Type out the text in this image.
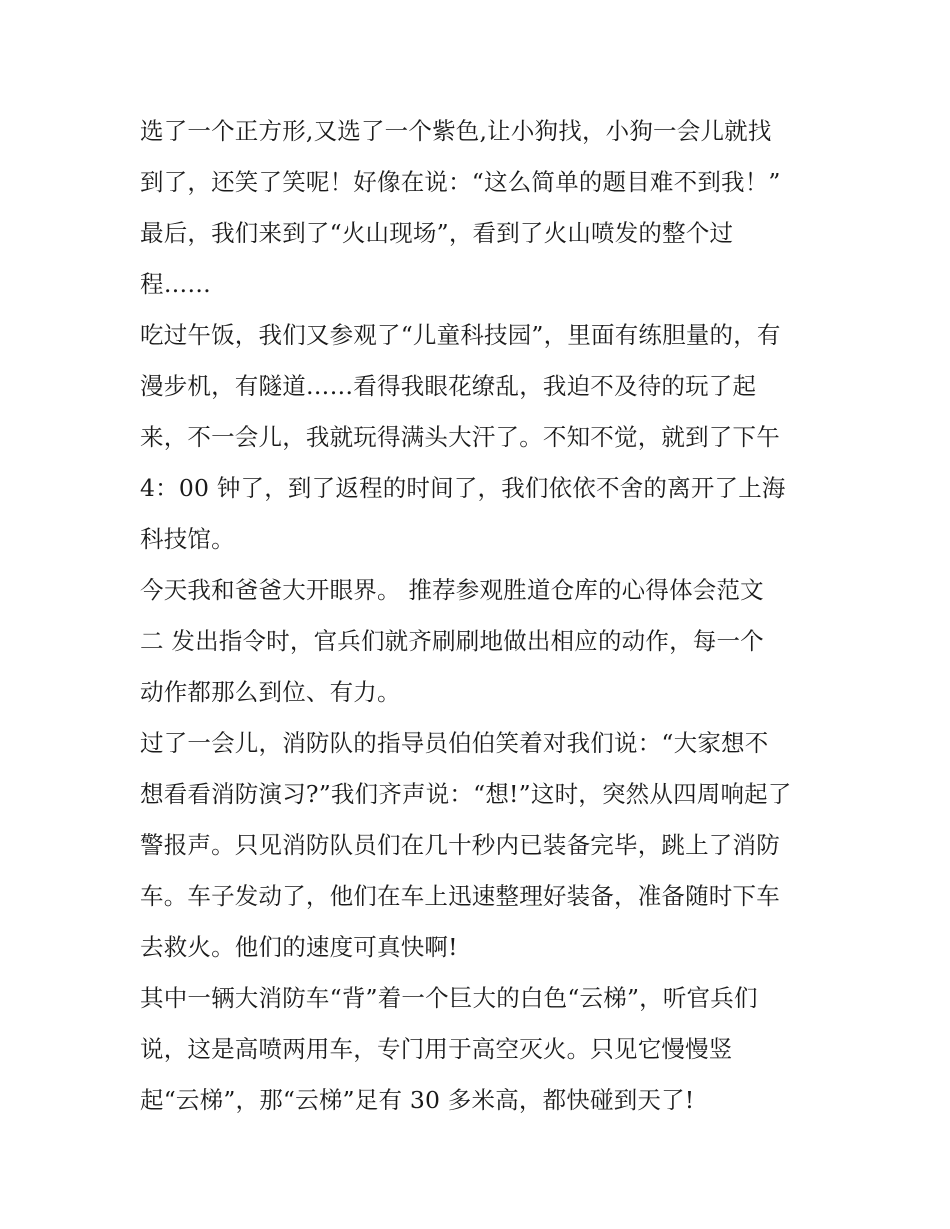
选了一个正方形,又选了一个紫色,让小狗找，小狗一会儿就找
到了，还笑了笑呢！好像在说：“这么简单的题目难不到我！”
最后，我们来到了“火山现场”，看到了火山喷发的整个过
程……
吃过午饭，我们又参观了“儿童科技园”，里面有练胆量的，有
漫步机，有隧道……看得我眼花缭乱，我迫不及待的玩了起
来，不一会儿，我就玩得满头大汗了。不知不觉，就到了下午
4：00 钟了，到了返程的时间了，我们依依不舍的离开了上海
科技馆。
今天我和爸爸大开眼界。 推荐参观胜道仓库的心得体会范文
二 发出指令时，官兵们就齐刷刷地做出相应的动作，每一个
动作都那么到位、有力。
过了一会儿，消防队的指导员伯伯笑着对我们说：“大家想不
想看看消防演习?”我们齐声说：“想!”这时，突然从四周响起了
警报声。只见消防队员们在几十秒内已装备完毕，跳上了消防
车。车子发动了，他们在车上迅速整理好装备，准备随时下车
去救火。他们的速度可真快啊!
其中一辆大消防车“背”着一个巨大的白色“云梯”，听官兵们
说，这是高喷两用车，专门用于高空灭火。只见它慢慢竖
起“云梯”，那“云梯”足有 30 多米高，都快碰到天了!
